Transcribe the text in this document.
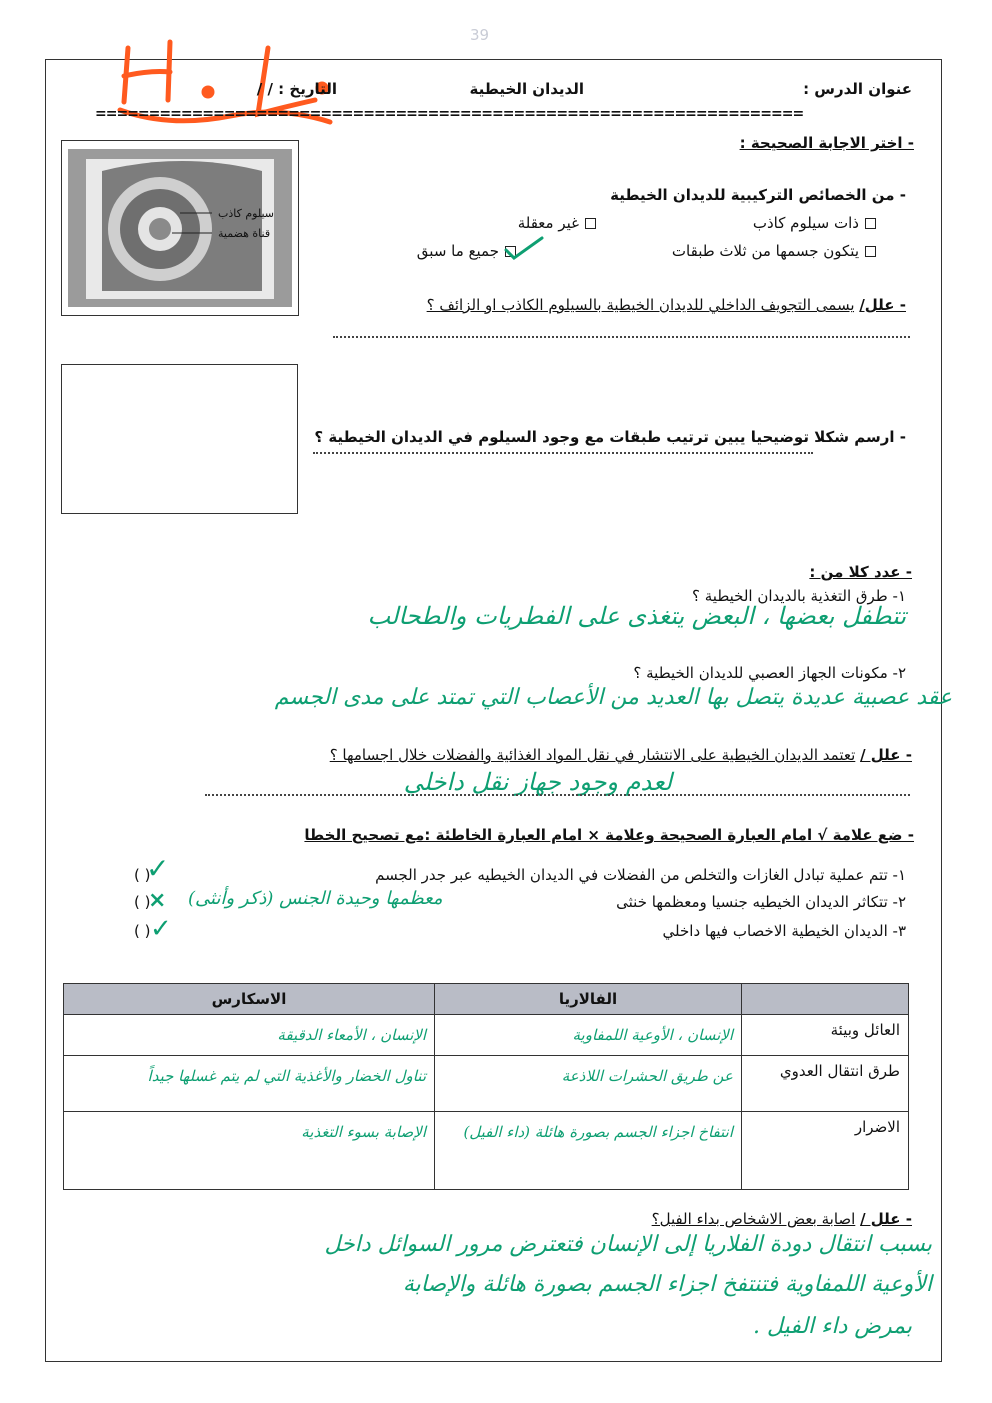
39
عنوان الدرس :
الديدان الخيطية
التاريخ : / /
==================================================================
سيلوم كاذب
قناة هضمية
- اختر الاجابة الصحيحة :
- من الخصائص التركيبية للديدان الخيطية
ذات سيلوم كاذب
غير معقلة
يتكون جسمها من ثلاث طبقات
جميع ما سبق
- علل/ يسمى التجويف الداخلي للديدان الخيطية بالسيلوم الكاذب او الزائف ؟
- ارسم شكلا توضيحيا يبين ترتيب طبقات مع وجود السيلوم في الديدان الخيطية ؟
- عدد كلا من :
١- طرق التغذية بالديدان الخيطية ؟
تتطفل بعضها ، البعض يتغذى على الفطريات والطحالب
٢- مكونات الجهاز العصبي للديدان الخيطية ؟
عقد عصبية عديدة يتصل بها العديد من الأعصاب التي تمتد على مدى الجسم
- علل / تعتمد الديدان الخيطية على الانتشار في نقل المواد الغذائية والفضلات خلال اجسامها ؟
لعدم وجود جهاز نقل داخلي
- ضع علامة √ امام العبارة الصحيحة وعلامة × امام العبارة الخاطئة :مع تصحيح الخطا
١- تتم عملية تبادل الغازات والتخلص من الفضلات في الديدان الخيطيه عبر جدر الجسم
( )
✓
٢- تتكاثر الديدان الخيطيه جنسيا ومعظمها خنثى
( )
× معظمها وحيدة الجنس (ذكر وأنثى)
٣- الديدان الخيطية الاخصاب فيها داخلي
( ) ✓
	الفالاريا	الاسكارس
العائل وبيئة	الإنسان ، الأوعية اللمفاوية	الإنسان ، الأمعاء الدقيقة
طرق انتقال العدوي	عن طريق الحشرات اللاذعة	تناول الخضار والأغذية التي لم يتم غسلها جيداً
الاضرار	انتفاخ اجزاء الجسم بصورة هائلة (داء الفيل)	الإصابة بسوء التغذية
- علل / اصابة بعض الاشخاص بداء الفيل؟
بسبب انتقال دودة الفلاريا إلى الإنسان فتعترض مرور السوائل داخل
الأوعية اللمفاوية فتنتفخ اجزاء الجسم بصورة هائلة والإصابة
بمرض داء الفيل .
